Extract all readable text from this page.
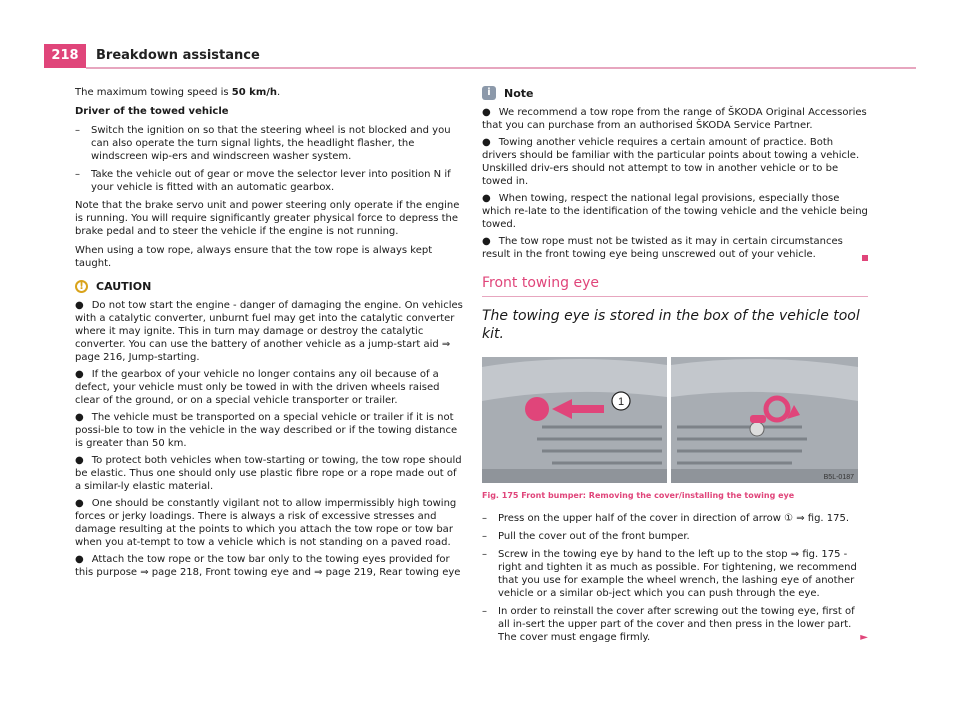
218	Breakdown assistance

The maximum towing speed is 50 km/h.

Driver of the towed vehicle

– Switch the ignition on so that the steering wheel is not blocked and you can also operate the turn signal lights, the headlight flasher, the windscreen wip-ers and windscreen washer system.
– Take the vehicle out of gear or move the selector lever into position N if your vehicle is fitted with an automatic gearbox.

Note that the brake servo unit and power steering only operate if the engine is running. You will require significantly greater physical force to depress the brake pedal and to steer the vehicle if the engine is not running.

When using a tow rope, always ensure that the tow rope is always kept taught.

!	CAUTION

● Do not tow start the engine - danger of damaging the engine. On vehicles with a catalytic converter, unburnt fuel may get into the catalytic converter where it may ignite. This in turn may damage or destroy the catalytic converter. You can use the battery of another vehicle as a jump-start aid ⇒ page 216, Jump-starting.

● If the gearbox of your vehicle no longer contains any oil because of a defect, your vehicle must only be towed in with the driven wheels raised clear of the ground, or on a special vehicle transporter or trailer.

● The vehicle must be transported on a special vehicle or trailer if it is not possi-ble to tow in the vehicle in the way described or if the towing distance is greater than 50 km.

● To protect both vehicles when tow-starting or towing, the tow rope should be elastic. Thus one should only use plastic fibre rope or a rope made out of a similar-ly elastic material.

● One should be constantly vigilant not to allow impermissibly high towing forces or jerky loadings. There is always a risk of excessive stresses and damage resulting at the points to which you attach the tow rope or tow bar when you at-tempt to tow a vehicle which is not standing on a paved road.

● Attach the tow rope or the tow bar only to the towing eyes provided for this purpose ⇒ page 218, Front towing eye and ⇒ page 219, Rear towing eye

i	Note

● We recommend a tow rope from the range of ŠKODA Original Accessories that you can purchase from an authorised ŠKODA Service Partner.

● Towing another vehicle requires a certain amount of practice. Both drivers should be familiar with the particular points about towing a vehicle. Unskilled driv-ers should not attempt to tow in another vehicle or to be towed in.

● When towing, respect the national legal provisions, especially those which re-late to the identification of the towing vehicle and the vehicle being towed.

● The tow rope must not be twisted as it may in certain circumstances result in the front towing eye being unscrewed out of your vehicle.

Front towing eye

The towing eye is stored in the box of the vehicle tool kit.

1
B5L-0187
Fig. 175 Front bumper: Removing the cover/installing the towing eye
– Press on the upper half of the cover in direction of arrow ① ⇒ fig. 175.
– Pull the cover out of the front bumper.
– Screw in the towing eye by hand to the left up to the stop ⇒ fig. 175 - right and tighten it as much as possible. For tightening, we recommend that you use for example the wheel wrench, the lashing eye of another vehicle or a similar ob-ject which you can push through the eye.
– In order to reinstall the cover after screwing out the towing eye, first of all in-sert the upper part of the cover and then press in the lower part. The cover must engage firmly.	►
